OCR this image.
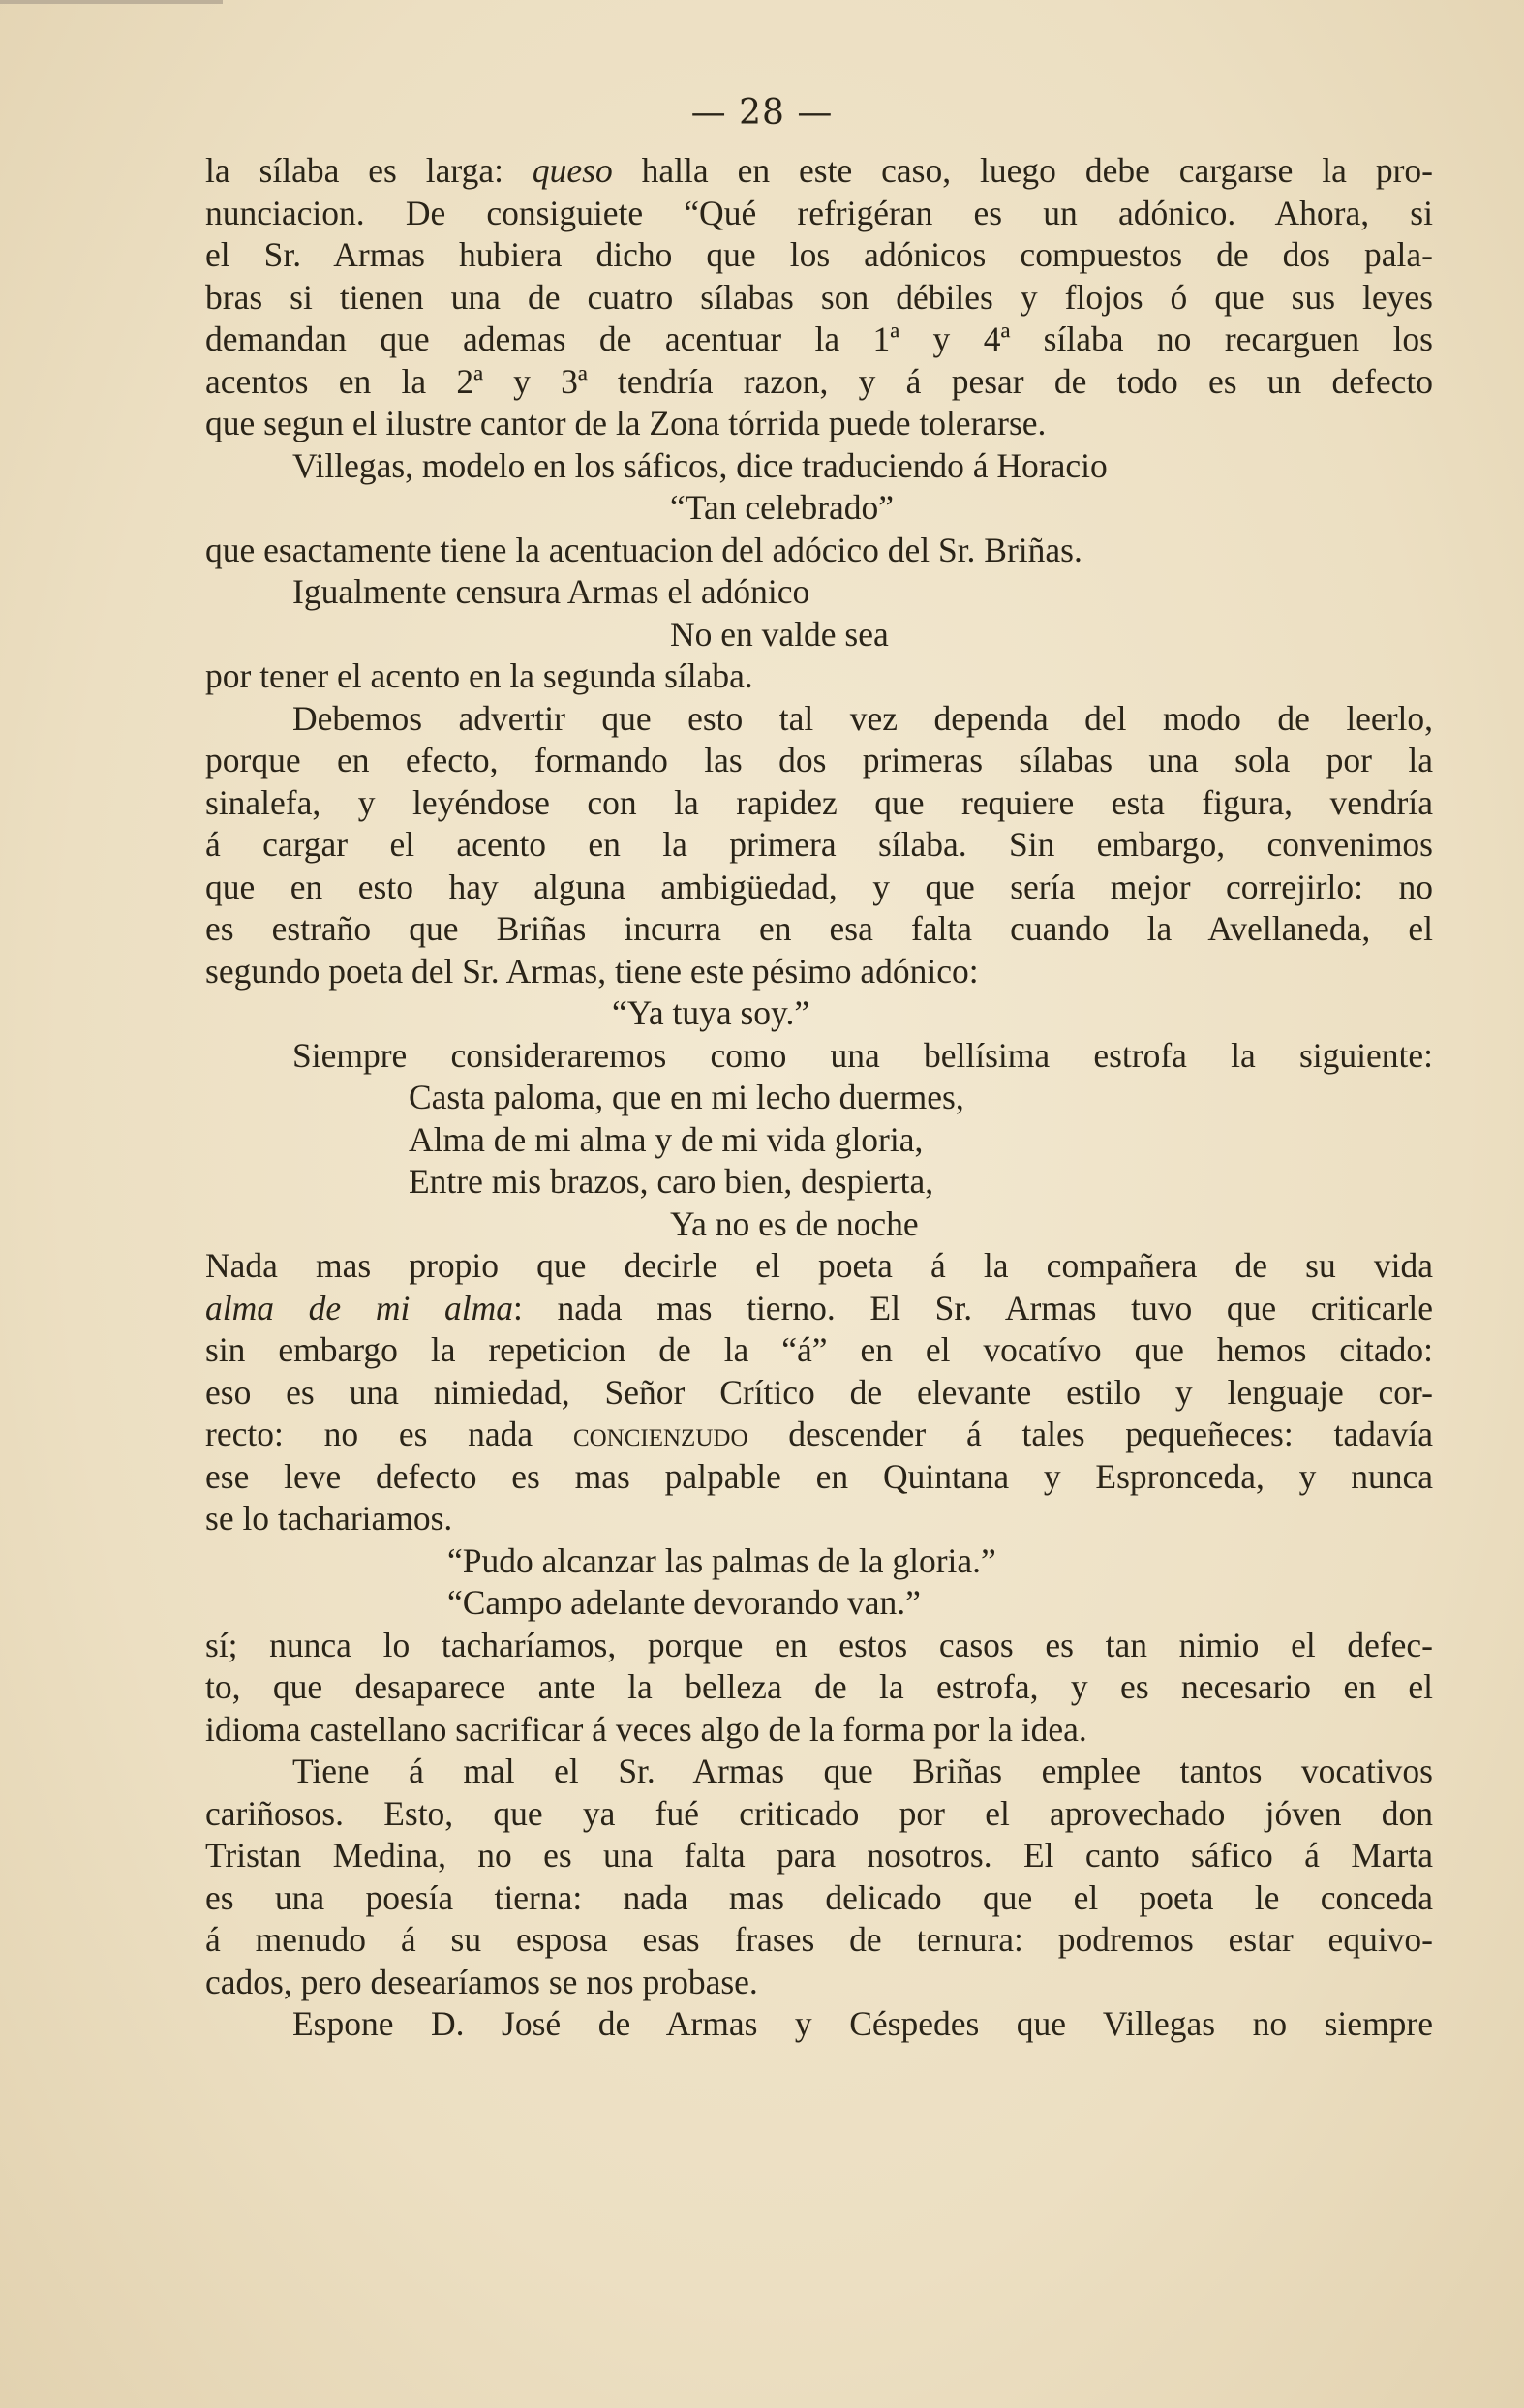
— 28 —
la sílaba es larga: queso halla en este caso, luego debe cargarse la pro-
nunciacion. De consiguiete “Qué refrigéran es un adónico. Ahora, si
el Sr. Armas hubiera dicho que los adónicos compuestos de dos pala-
bras si tienen una de cuatro sílabas son débiles y flojos ó que sus leyes
demandan que ademas de acentuar la 1ª y 4ª sílaba no recarguen los
acentos en la 2ª y 3ª tendría razon, y á pesar de todo es un defecto
que segun el ilustre cantor de la Zona tórrida puede tolerarse.
Villegas, modelo en los sáficos, dice traduciendo á Horacio
“Tan celebrado”
que esactamente tiene la acentuacion del adócico del Sr. Briñas.
Igualmente censura Armas el adónico
No en valde sea
por tener el acento en la segunda sílaba.
Debemos advertir que esto tal vez dependa del modo de leerlo,
porque en efecto, formando las dos primeras sílabas una sola por la
sinalefa, y leyéndose con la rapidez que requiere esta figura, vendría
á cargar el acento en la primera sílaba. Sin embargo, convenimos
que en esto hay alguna ambigüedad, y que sería mejor correjirlo: no
es estraño que Briñas incurra en esa falta cuando la Avellaneda, el
segundo poeta del Sr. Armas, tiene este pésimo adónico:
“Ya tuya soy.”
Siempre consideraremos como una bellísima estrofa la siguiente:
Casta paloma, que en mi lecho duermes,
Alma de mi alma y de mi vida gloria,
Entre mis brazos, caro bien, despierta,
Ya no es de noche
Nada mas propio que decirle el poeta á la compañera de su vida
alma de mi alma: nada mas tierno. El Sr. Armas tuvo que criticarle
sin embargo la repeticion de la “á” en el vocatívo que hemos citado:
eso es una nimiedad, Señor Crítico de elevante estilo y lenguaje cor-
recto: no es nada concienzudo descender á tales pequeñeces: tadavía
ese leve defecto es mas palpable en Quintana y Espronceda, y nunca
se lo tachariamos.
“Pudo alcanzar las palmas de la gloria.”
“Campo adelante devorando van.”
sí; nunca lo tacharíamos, porque en estos casos es tan nimio el defec-
to, que desaparece ante la belleza de la estrofa, y es necesario en el
idioma castellano sacrificar á veces algo de la forma por la idea.
Tiene á mal el Sr. Armas que Briñas emplee tantos vocativos
cariñosos. Esto, que ya fué criticado por el aprovechado jóven don
Tristan Medina, no es una falta para nosotros. El canto sáfico á Marta
es una poesía tierna: nada mas delicado que el poeta le conceda
á menudo á su esposa esas frases de ternura: podremos estar equivo-
cados, pero desearíamos se nos probase.
Espone D. José de Armas y Céspedes que Villegas no siempre
